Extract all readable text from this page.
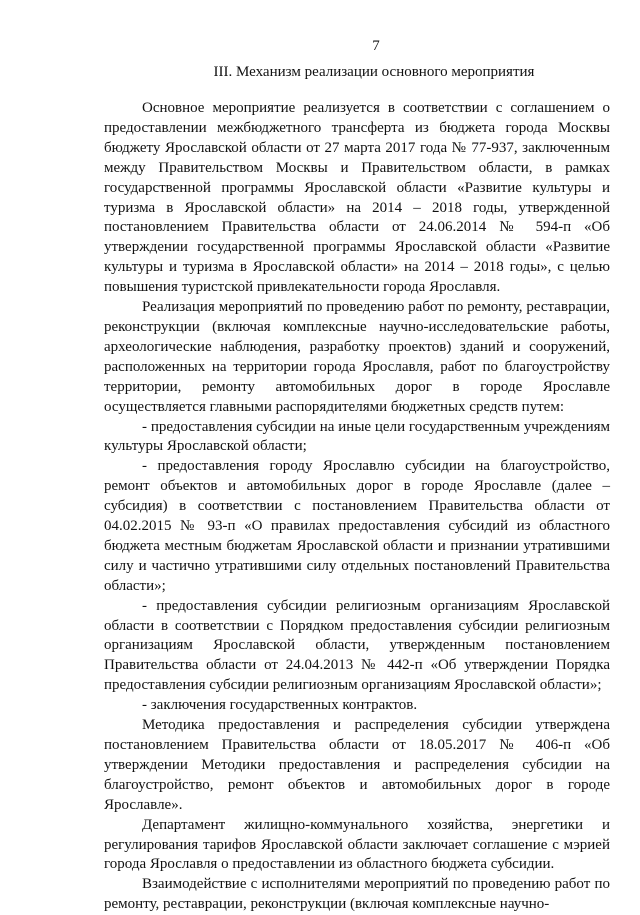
7
III. Механизм реализации основного мероприятия

Основное мероприятие реализуется в соответствии с соглашением о предоставлении межбюджетного трансферта из бюджета города Москвы бюджету Ярославской области от 27 марта 2017 года № 77-937, заключенным между Правительством Москвы и Правительством области, в рамках государственной программы Ярославской области «Развитие культуры и туризма в Ярославской области» на 2014 – 2018 годы, утвержденной постановлением Правительства области от 24.06.2014 № 594-п «Об утверждении государственной программы Ярославской области «Развитие культуры и туризма в Ярославской области» на 2014 – 2018 годы», с целью повышения туристской привлекательности города Ярославля.

Реализация мероприятий по проведению работ по ремонту, реставрации, реконструкции (включая комплексные научно-исследовательские работы, археологические наблюдения, разработку проектов) зданий и сооружений, расположенных на территории города Ярославля, работ по благоустройству территории, ремонту автомобильных дорог в городе Ярославле осуществляется главными распорядителями бюджетных средств путем:

- предоставления субсидии на иные цели государственным учреждениям культуры Ярославской области;

- предоставления городу Ярославлю субсидии на благоустройство, ремонт объектов и автомобильных дорог в городе Ярославле (далее – субсидия) в соответствии с постановлением Правительства области от 04.02.2015 № 93-п «О правилах предоставления субсидий из областного бюджета местным бюджетам Ярославской области и признании утратившими силу и частично утратившими силу отдельных постановлений Правительства области»;

- предоставления субсидии религиозным организациям Ярославской области в соответствии с Порядком предоставления субсидии религиозным организациям Ярославской области, утвержденным постановлением Правительства области от 24.04.2013 № 442-п «Об утверждении Порядка предоставления субсидии религиозным организациям Ярославской области»;

- заключения государственных контрактов.

Методика предоставления и распределения субсидии утверждена постановлением Правительства области от 18.05.2017 № 406-п «Об утверждении Методики предоставления и распределения субсидии на благоустройство, ремонт объектов и автомобильных дорог в городе Ярославле».

Департамент жилищно-коммунального хозяйства, энергетики и регулирования тарифов Ярославской области заключает соглашение с мэрией города Ярославля о предоставлении из областного бюджета субсидии.

Взаимодействие с исполнителями мероприятий по проведению работ по ремонту, реставрации, реконструкции (включая комплексные научно-
